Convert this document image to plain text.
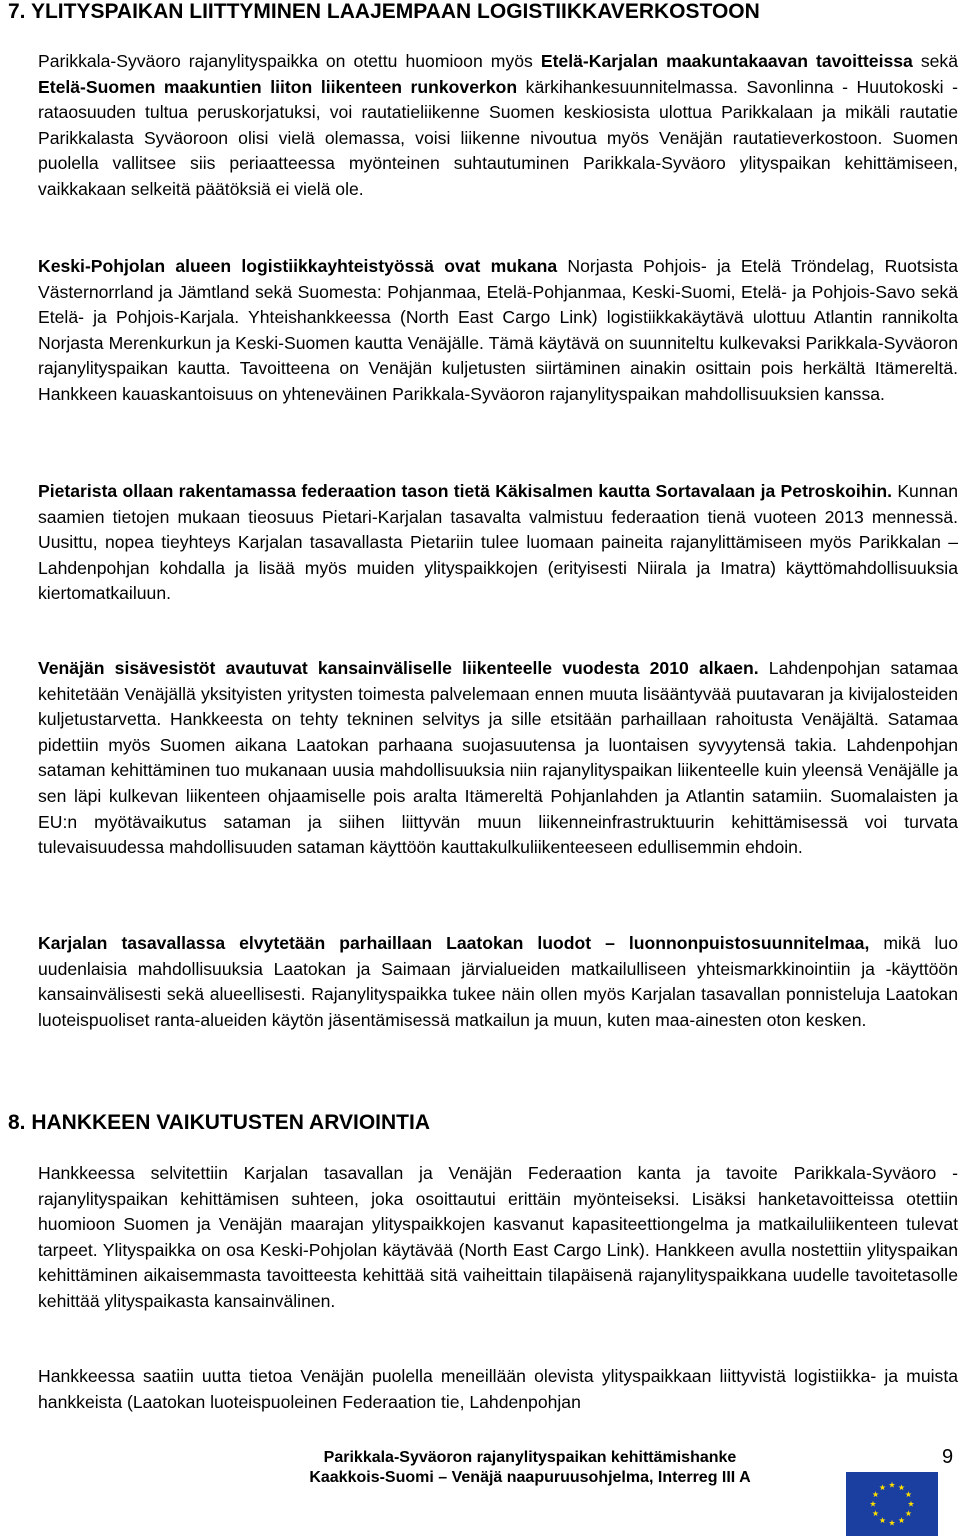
7. YLITYSPAIKAN LIITTYMINEN LAAJEMPAAN LOGISTIIKKAVERKOSTOON

Parikkala-Syväoro rajanylityspaikka on otettu huomioon myös Etelä-Karjalan maakuntakaavan tavoitteissa sekä Etelä-Suomen maakuntien liiton liikenteen runkoverkon kärkihankesuunnitelmassa. Savonlinna - Huutokoski -rataosuuden tultua peruskorjatuksi, voi rautatieliikenne Suomen keskiosista ulottua Parikkalaan ja mikäli rautatie Parikkalasta Syväoroon olisi vielä olemassa, voisi liikenne nivoutua myös Venäjän rautatieverkostoon. Suomen puolella vallitsee siis periaatteessa myönteinen suhtautuminen Parikkala-Syväoro ylityspaikan kehittämiseen, vaikkakaan selkeitä päätöksiä ei vielä ole.

Keski-Pohjolan alueen logistiikkayhteistyössä ovat mukana Norjasta Pohjois- ja Etelä Tröndelag, Ruotsista Västernorrland ja Jämtland sekä Suomesta: Pohjanmaa, Etelä-Pohjanmaa, Keski-Suomi, Etelä- ja Pohjois-Savo sekä Etelä- ja Pohjois-Karjala. Yhteishankkeessa (North East Cargo Link) logistiikkakäytävä ulottuu Atlantin rannikolta Norjasta Merenkurkun ja Keski-Suomen kautta Venäjälle. Tämä käytävä on suunniteltu kulkevaksi Parikkala-Syväoron rajanylityspaikan kautta. Tavoitteena on Venäjän kuljetusten siirtäminen ainakin osittain pois herkältä Itämereltä. Hankkeen kauaskantoisuus on yhteneväinen Parikkala-Syväoron rajanylityspaikan mahdollisuuksien kanssa.

Pietarista ollaan rakentamassa federaation tason tietä Käkisalmen kautta Sortavalaan ja Petroskoihin. Kunnan saamien tietojen mukaan tieosuus Pietari-Karjalan tasavalta valmistuu federaation tienä vuoteen 2013 mennessä. Uusittu, nopea tieyhteys Karjalan tasavallasta Pietariin tulee luomaan paineita rajanylittämiseen myös Parikkalan – Lahdenpohjan kohdalla ja lisää myös muiden ylityspaikkojen (erityisesti Niirala ja Imatra) käyttömahdollisuuksia kiertomatkailuun.

Venäjän sisävesistöt avautuvat kansainväliselle liikenteelle vuodesta 2010 alkaen. Lahdenpohjan satamaa kehitetään Venäjällä yksityisten yritysten toimesta palvelemaan ennen muuta lisääntyvää puutavaran ja kivijalosteiden kuljetustarvetta. Hankkeesta on tehty tekninen selvitys ja sille etsitään parhaillaan rahoitusta Venäjältä. Satamaa pidettiin myös Suomen aikana Laatokan parhaana suojasuutensa ja luontaisen syvyytensä takia. Lahdenpohjan sataman kehittäminen tuo mukanaan uusia mahdollisuuksia niin rajanylityspaikan liikenteelle kuin yleensä Venäjälle ja sen läpi kulkevan liikenteen ohjaamiselle pois aralta Itämereltä Pohjanlahden ja Atlantin satamiin. Suomalaisten ja EU:n myötävaikutus sataman ja siihen liittyvän muun liikenneinfrastruktuurin kehittämisessä voi turvata tulevaisuudessa mahdollisuuden sataman käyttöön kauttakulkuliikenteeseen edullisemmin ehdoin.

Karjalan tasavallassa elvytetään parhaillaan Laatokan luodot – luonnonpuistosuunnitelmaa, mikä luo uudenlaisia mahdollisuuksia Laatokan ja Saimaan järvialueiden matkailulliseen yhteismarkkinointiin ja -käyttöön kansainvälisesti sekä alueellisesti. Rajanylityspaikka tukee näin ollen myös Karjalan tasavallan ponnisteluja Laatokan luoteispuoliset ranta-alueiden käytön jäsentämisessä matkailun ja muun, kuten maa-ainesten oton kesken.

8. HANKKEEN VAIKUTUSTEN ARVIOINTIA

Hankkeessa selvitettiin Karjalan tasavallan ja Venäjän Federaation kanta ja tavoite Parikkala-Syväoro -rajanylityspaikan kehittämisen suhteen, joka osoittautui erittäin myönteiseksi. Lisäksi hanketavoitteissa otettiin huomioon Suomen ja Venäjän maarajan ylityspaikkojen kasvanut kapasiteettiongelma ja matkailuliikenteen tulevat tarpeet. Ylityspaikka on osa Keski-Pohjolan käytävää (North East Cargo Link). Hankkeen avulla nostettiin ylityspaikan kehittäminen aikaisemmasta tavoitteesta kehittää sitä vaiheittain tilapäisenä rajanylityspaikkana uudelle tavoitetasolle kehittää ylityspaikasta kansainvälinen.

Hankkeessa saatiin uutta tietoa Venäjän puolella meneillään olevista ylityspaikkaan liittyvistä logistiikka- ja muista hankkeista (Laatokan luoteispuoleinen Federaation tie, Lahdenpohjan

Parikkala-Syväoron rajanylityspaikan kehittämishanke
Kaakkois-Suomi – Venäjä naapuruusohjelma, Interreg III A
9
